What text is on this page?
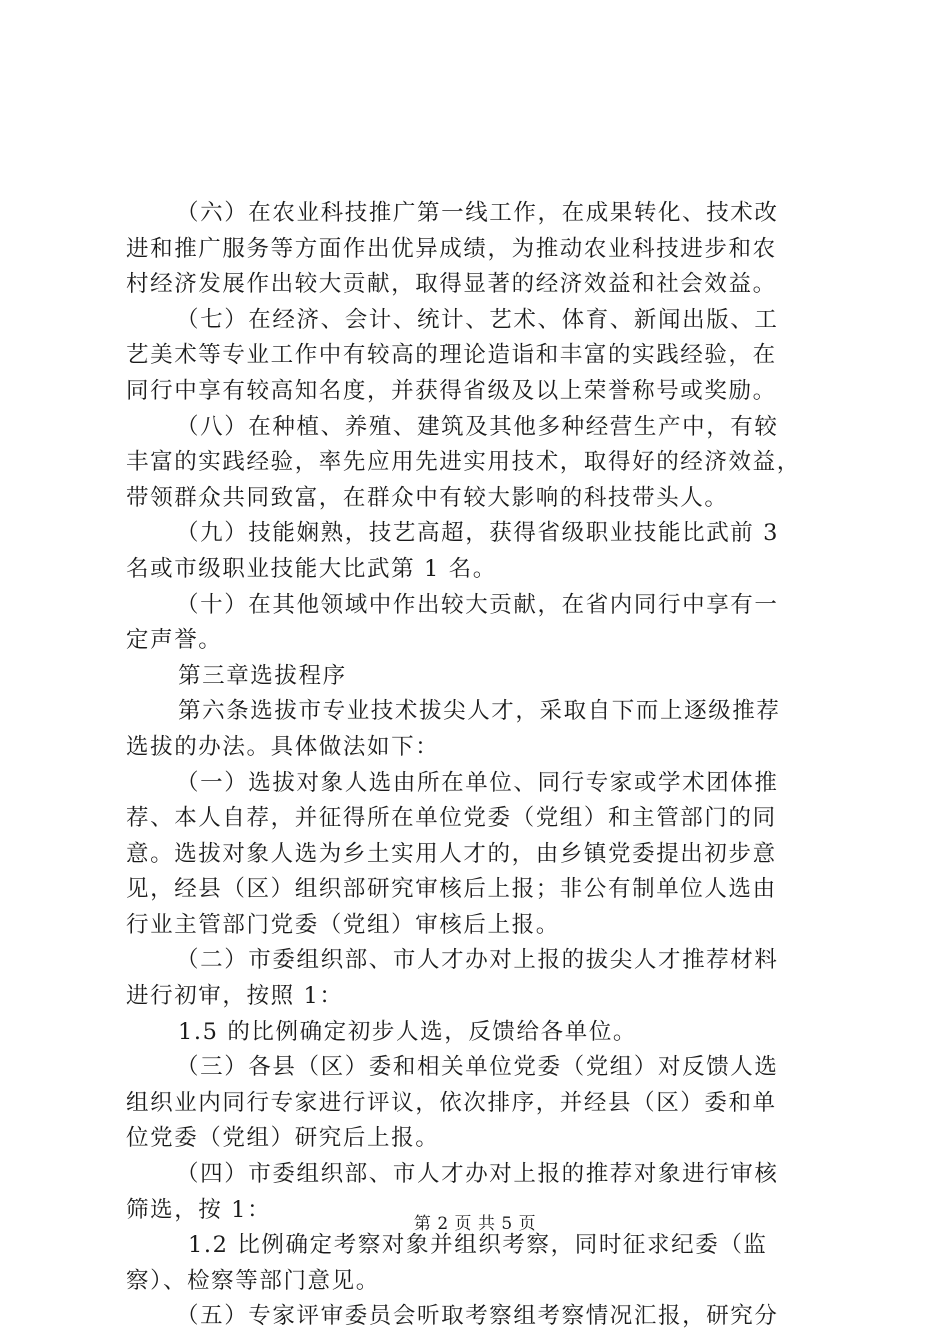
（六）在农业科技推广第一线工作，在成果转化、技术改
进和推广服务等方面作出优异成绩，为推动农业科技进步和农
村经济发展作出较大贡献，取得显著的经济效益和社会效益。
（七）在经济、会计、统计、艺术、体育、新闻出版、工
艺美术等专业工作中有较高的理论造诣和丰富的实践经验，在
同行中享有较高知名度，并获得省级及以上荣誉称号或奖励。
（八）在种植、养殖、建筑及其他多种经营生产中，有较
丰富的实践经验，率先应用先进实用技术，取得好的经济效益，
带领群众共同致富，在群众中有较大影响的科技带头人。
（九）技能娴熟，技艺高超，获得省级职业技能比武前 3
名或市级职业技能大比武第 1 名。
（十）在其他领域中作出较大贡献，在省内同行中享有一
定声誉。
第三章选拔程序
第六条选拔市专业技术拔尖人才，采取自下而上逐级推荐
选拔的办法。具体做法如下：
（一）选拔对象人选由所在单位、同行专家或学术团体推
荐、本人自荐，并征得所在单位党委（党组）和主管部门的同
意。选拔对象人选为乡土实用人才的，由乡镇党委提出初步意
见，经县（区）组织部研究审核后上报；非公有制单位人选由
行业主管部门党委（党组）审核后上报。
（二）市委组织部、市人才办对上报的拔尖人才推荐材料
进行初审，按照 1：
1.5 的比例确定初步人选，反馈给各单位。
（三）各县（区）委和相关单位党委（党组）对反馈人选
组织业内同行专家进行评议，依次排序，并经县（区）委和单
位党委（党组）研究后上报。
（四）市委组织部、市人才办对上报的推荐对象进行审核
筛选，按 1：
1.2 比例确定考察对象并组织考察，同时征求纪委（监
察）、检察等部门意见。
（五）专家评审委员会听取考察组考察情况汇报，研究分
第 2 页 共 5 页
